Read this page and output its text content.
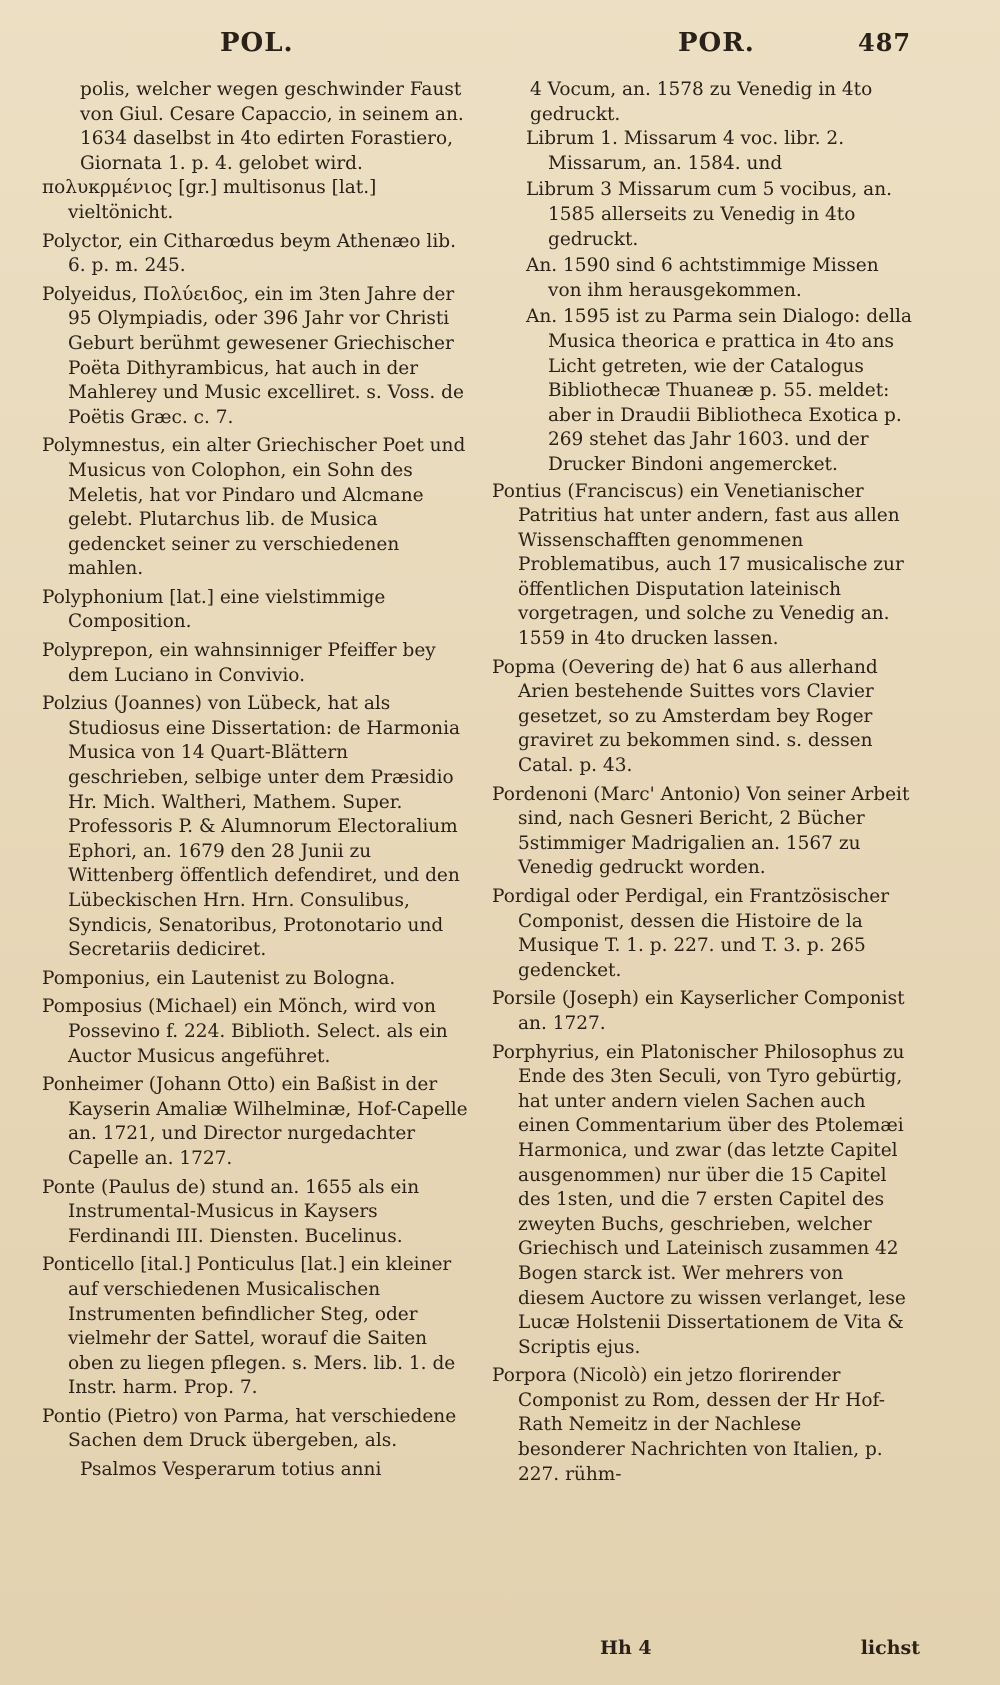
POL.	POR.	487
polis, welcher wegen geschwinder Faust von Giul. Cesare Capaccio, in seinem an. 1634 daselbst in 4to edirten Forastiero, Giornata 1. p. 4. gelobet wird.
πολυκρμένιος [gr.] multisonus [lat.] vieltönicht.
Polyctor, ein Citharœdus beym Athenæo lib. 6. p. m. 245.
Polyeidus, Πολύειδος, ein im 3ten Jahre der 95 Olympiadis, oder 396 Jahr vor Christi Geburt berühmt gewesener Griechischer Poëta Dithyrambicus, hat auch in der Mahlerey und Music excelliret. s. Voss. de Poëtis Græc. c. 7.
Polymnestus, ein alter Griechischer Poet und Musicus von Colophon, ein Sohn des Meletis, hat vor Pindaro und Alcmane gelebt. Plutarchus lib. de Musica gedencket seiner zu verschiedenen mahlen.
Polyphonium [lat.] eine vielstimmige Composition.
Polyprepon, ein wahnsinniger Pfeiffer bey dem Luciano in Convivio.
Polzius (Joannes) von Lübeck, hat als Studiosus eine Dissertation: de Harmonia Musica von 14 Quart-Blättern geschrieben, selbige unter dem Præsidio Hr. Mich. Waltheri, Mathem. Super. Professoris P. & Alumnorum Electoralium Ephori, an. 1679 den 28 Junii zu Wittenberg öffentlich defendiret, und den Lübeckischen Hrn. Hrn. Consulibus, Syndicis, Senatoribus, Protonotario und Secretariis dediciret.
Pomponius, ein Lautenist zu Bologna.
Pomposius (Michael) ein Mönch, wird von Possevino f. 224. Biblioth. Select. als ein Auctor Musicus angeführet.
Ponheimer (Johann Otto) ein Baßist in der Kayserin Amaliæ Wilhelminæ, Hof-Capelle an. 1721, und Director nurgedachter Capelle an. 1727.
Ponte (Paulus de) stund an. 1655 als ein Instrumental-Musicus in Kaysers Ferdinandi III. Diensten. Bucelinus.
Ponticello [ital.] Ponticulus [lat.] ein kleiner auf verschiedenen Musicalischen Instrumenten befindlicher Steg, oder vielmehr der Sattel, worauf die Saiten oben zu liegen pflegen. s. Mers. lib. 1. de Instr. harm. Prop. 7.
Pontio (Pietro) von Parma, hat verschiedene Sachen dem Druck übergeben, als.
Psalmos Vesperarum totius anni
4 Vocum, an. 1578 zu Venedig in 4to gedruckt.
Librum 1. Missarum 4 voc. libr. 2. Missarum, an. 1584. und
Librum 3 Missarum cum 5 vocibus, an. 1585 allerseits zu Venedig in 4to gedruckt.
An. 1590 sind 6 achtstimmige Missen von ihm herausgekommen.
An. 1595 ist zu Parma sein Dialogo: della Musica theorica e prattica in 4to ans Licht getreten, wie der Catalogus Bibliothecæ Thuaneæ p. 55. meldet: aber in Draudii Bibliotheca Exotica p. 269 stehet das Jahr 1603. und der Drucker Bindoni angemercket.
Pontius (Franciscus) ein Venetianischer Patritius hat unter andern, fast aus allen Wissenschafften genommenen Problematibus, auch 17 musicalische zur öffentlichen Disputation lateinisch vorgetragen, und solche zu Venedig an. 1559 in 4to drucken lassen.
Popma (Oevering de) hat 6 aus allerhand Arien bestehende Suittes vors Clavier gesetzet, so zu Amsterdam bey Roger graviret zu bekommen sind. s. dessen Catal. p. 43.
Pordenoni (Marc' Antonio) Von seiner Arbeit sind, nach Gesneri Bericht, 2 Bücher 5stimmiger Madrigalien an. 1567 zu Venedig gedruckt worden.
Pordigal oder Perdigal, ein Frantzösischer Componist, dessen die Histoire de la Musique T. 1. p. 227. und T. 3. p. 265 gedencket.
Porsile (Joseph) ein Kayserlicher Componist an. 1727.
Porphyrius, ein Platonischer Philosophus zu Ende des 3ten Seculi, von Tyro gebürtig, hat unter andern vielen Sachen auch einen Commentarium über des Ptolemæi Harmonica, und zwar (das letzte Capitel ausgenommen) nur über die 15 Capitel des 1sten, und die 7 ersten Capitel des zweyten Buchs, geschrieben, welcher Griechisch und Lateinisch zusammen 42 Bogen starck ist. Wer mehrers von diesem Auctore zu wissen verlanget, lese Lucæ Holstenii Dissertationem de Vita & Scriptis ejus.
Porpora (Nicolò) ein jetzo florirender Componist zu Rom, dessen der Hr Hof-Rath Nemeitz in der Nachlese besonderer Nachrichten von Italien, p. 227. rühm-
Hh 4	lichst
